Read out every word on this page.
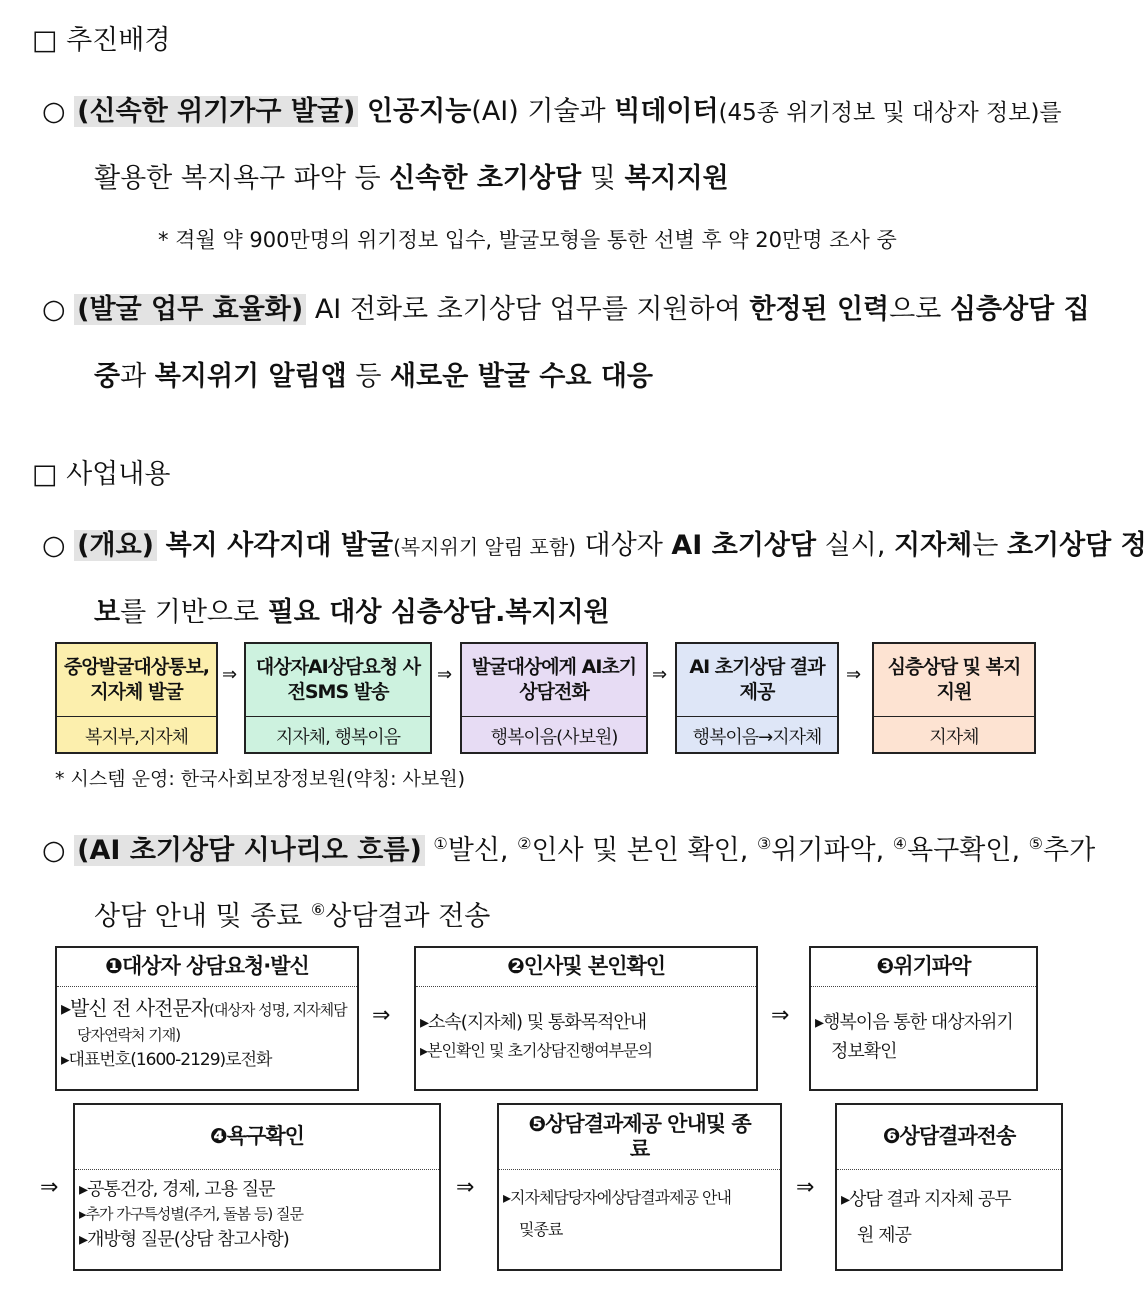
□ 추진배경
○ (신속한 위기가구 발굴) 인공지능(AI) 기술과 빅데이터(45종 위기정보 및 대상자 정보)를
활용한 복지욕구 파악 등 신속한 초기상담 및 복지지원
* 격월 약 900만명의 위기정보 입수, 발굴모형을 통한 선별 후 약 20만명 조사 중
○ (발굴 업무 효율화) AI 전화로 초기상담 업무를 지원하여 한정된 인력으로 심층상담 집
중과 복지위기 알림앱 등 새로운 발굴 수요 대응
□ 사업내용
○ (개요) 복지 사각지대 발굴(복지위기 알림 포함) 대상자 AI 초기상담 실시, 지자체는 초기상담 정
보를 기반으로 필요 대상 심층상담.복지지원
중앙발굴대상통보,지자체 발굴
복지부,지자체
⇒ 대상자AI상담요청 사전SMS 발송
지자체, 행복이음
⇒	발굴대상에게 AI초기상담전화
행복이음(사보원)
⇒	AI 초기상담 결과 제공
행복이음→지자체
⇒	심층상담 및 복지 지원
지자체
* 시스템 운영: 한국사회보장정보원(약칭: 사보원)
○ (AI 초기상담 시나리오 흐름) ①발신, ②인사 및 본인 확인, ③위기파악, ④욕구확인, ⑤추가
상담 안내 및 종료 ⑥상담결과 전송
❶대상자 상담요청·발신
▸발신 전 사전문자(대상자 성명, 지자체담
당자연락처 기재)
▸대표번호(1600-2129)로전화
⇒
❷인사및 본인확인
▸소속(지자체) 및 통화목적안내
▸본인확인 및 초기상담진행여부문의
⇒
❸위기파악
▸행복이음 통한 대상자위기
정보확인
⇒
❹욕구확인
▸공통건강, 경제, 고용 질문
▸추가 가구특성별(주거, 돌봄 등) 질문
▸개방형 질문(상담 참고사항)
⇒
❺상담결과제공 안내및 종료
▸지자체담당자에상담결과제공 안내
및종료
⇒
❻상담결과전송
▸상담 결과 지자체 공무
원 제공
